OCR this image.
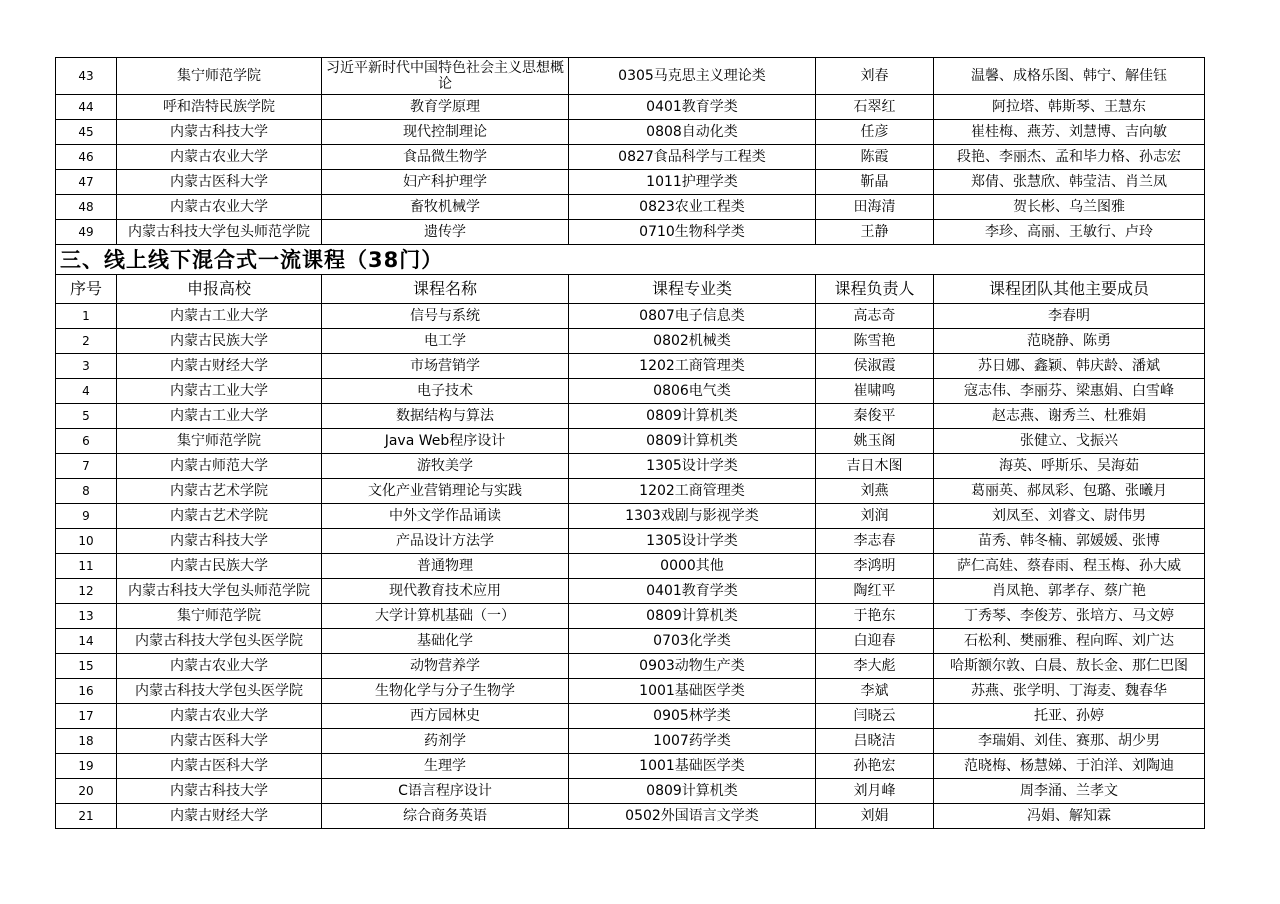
43	集宁师范学院	习近平新时代中国特色社会主义思想概论	0305马克思主义理论类	刘春	温馨、成格乐图、韩宁、解佳钰
44	呼和浩特民族学院	教育学原理	0401教育学类	石翠红	阿拉塔、韩斯琴、王慧东
45	内蒙古科技大学	现代控制理论	0808自动化类	任彦	崔桂梅、燕芳、刘慧博、吉向敏
46	内蒙古农业大学	食品微生物学	0827食品科学与工程类	陈霞	段艳、李丽杰、孟和毕力格、孙志宏
47	内蒙古医科大学	妇产科护理学	1011护理学类	靳晶	郑倩、张慧欣、韩莹洁、肖兰凤
48	内蒙古农业大学	畜牧机械学	0823农业工程类	田海清	贺长彬、乌兰图雅
49	内蒙古科技大学包头师范学院	遗传学	0710生物科学类	王静	李珍、高丽、王敏行、卢玲
三、线上线下混合式一流课程（38门）					
序号	申报高校	课程名称	课程专业类	课程负责人	课程团队其他主要成员
1	内蒙古工业大学	信号与系统	0807电子信息类	高志奇	李春明
2	内蒙古民族大学	电工学	0802机械类	陈雪艳	范晓静、陈勇
3	内蒙古财经大学	市场营销学	1202工商管理类	侯淑霞	苏日娜、鑫颖、韩庆龄、潘斌
4	内蒙古工业大学	电子技术	0806电气类	崔啸鸣	寇志伟、李丽芬、梁惠娟、白雪峰
5	内蒙古工业大学	数据结构与算法	0809计算机类	秦俊平	赵志燕、谢秀兰、杜雅娟
6	集宁师范学院	Java Web程序设计	0809计算机类	姚玉阁	张健立、戈振兴
7	内蒙古师范大学	游牧美学	1305设计学类	吉日木图	海英、呼斯乐、吴海茹
8	内蒙古艺术学院	文化产业营销理论与实践	1202工商管理类	刘燕	葛丽英、郝凤彩、包璐、张曦月
9	内蒙古艺术学院	中外文学作品诵读	1303戏剧与影视学类	刘润	刘凤至、刘睿文、尉伟男
10	内蒙古科技大学	产品设计方法学	1305设计学类	李志春	苗秀、韩冬楠、郭媛媛、张博
11	内蒙古民族大学	普通物理	0000其他	李鸿明	萨仁高娃、蔡春雨、程玉梅、孙大威
12	内蒙古科技大学包头师范学院	现代教育技术应用	0401教育学类	陶红平	肖凤艳、郭孝存、蔡广艳
13	集宁师范学院	大学计算机基础（一）	0809计算机类	于艳东	丁秀琴、李俊芳、张培方、马文婷
14	内蒙古科技大学包头医学院	基础化学	0703化学类	白迎春	石松利、樊丽雅、程向晖、刘广达
15	内蒙古农业大学	动物营养学	0903动物生产类	李大彪	哈斯额尔敦、白晨、敖长金、那仁巴图
16	内蒙古科技大学包头医学院	生物化学与分子生物学	1001基础医学类	李斌	苏燕、张学明、丁海麦、魏春华
17	内蒙古农业大学	西方园林史	0905林学类	闫晓云	托亚、孙婷
18	内蒙古医科大学	药剂学	1007药学类	吕晓洁	李瑞娟、刘佳、赛那、胡少男
19	内蒙古医科大学	生理学	1001基础医学类	孙艳宏	范晓梅、杨慧娣、于泊洋、刘陶迪
20	内蒙古科技大学	C语言程序设计	0809计算机类	刘月峰	周李涌、兰孝文
21	内蒙古财经大学	综合商务英语	0502外国语言文学类	刘娟	冯娟、解知霖
